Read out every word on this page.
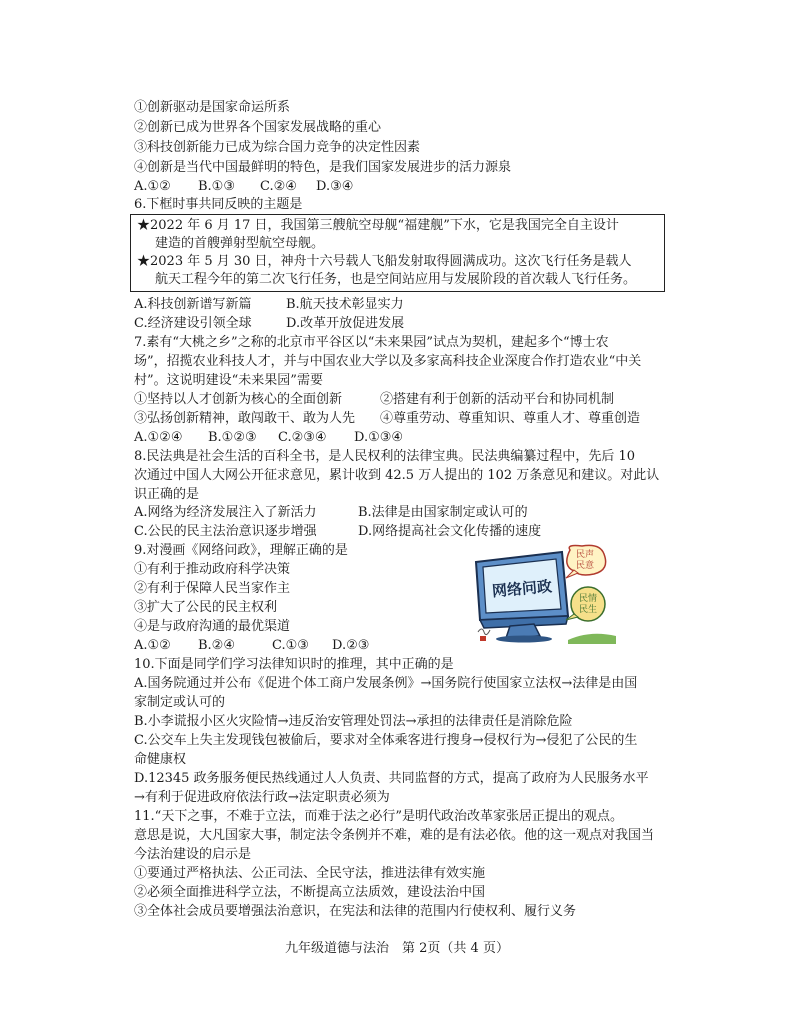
①创新驱动是国家命运所系
②创新已成为世界各个国家发展战略的重心
③科技创新能力已成为综合国力竞争的决定性因素
④创新是当代中国最鲜明的特色，是我们国家发展进步的活力源泉
A.①② B.①③ C.②④ D.③④
6.下框时事共同反映的主题是
★2022 年 6 月 17 日，我国第三艘航空母舰“福建舰”下水，它是我国完全自主设计
建造的首艘弹射型航空母舰。
★2023 年 5 月 30 日，神舟十六号载人飞船发射取得圆满成功。这次飞行任务是载人
航天工程今年的第二次飞行任务，也是空间站应用与发展阶段的首次载人飞行任务。
A.科技创新谱写新篇	B.航天技术彰显实力
C.经济建设引领全球	D.改革开放促进发展
7.素有“大桃之乡”之称的北京市平谷区以“未来果园”试点为契机，建起多个“博士农
场”，招揽农业科技人才，并与中国农业大学以及多家高科技企业深度合作打造农业“中关
村”。这说明建设“未来果园”需要
①坚持以人才创新为核心的全面创新	②搭建有利于创新的活动平台和协同机制
③弘扬创新精神，敢闯敢干、敢为人先 ④尊重劳动、尊重知识、尊重人才、尊重创造
A.①②④ B.①②③ C.②③④ D.①③④
8.民法典是社会生活的百科全书，是人民权利的法律宝典。民法典编纂过程中，先后 10
次通过中国人大网公开征求意见，累计收到 42.5 万人提出的 102 万条意见和建议。对此认
识正确的是
A.网络为经济发展注入了新活力	B.法律是由国家制定或认可的
C.公民的民主法治意识逐步增强	D.网络提高社会文化传播的速度
9.对漫画《网络问政》，理解正确的是
①有利于推动政府科学决策
②有利于保障人民当家作主
③扩大了公民的民主权利
④是与政府沟通的最优渠道
A.①② B.②④	C.①③ D.②③
网络问政
民声民意
民情民生
10.下面是同学们学习法律知识时的推理，其中正确的是
A.国务院通过并公布《促进个体工商户发展条例》→国务院行使国家立法权→法律是由国
家制定或认可的
B.小李谎报小区火灾险情→违反治安管理处罚法→承担的法律责任是消除危险
C.公交车上失主发现钱包被偷后，要求对全体乘客进行搜身→侵权行为→侵犯了公民的生
命健康权
D.12345 政务服务便民热线通过人人负责、共同监督的方式，提高了政府为人民服务水平
→有利于促进政府依法行政→法定职责必须为
11.“天下之事，不难于立法，而难于法之必行”是明代政治改革家张居正提出的观点。
意思是说，大凡国家大事，制定法令条例并不难，难的是有法必依。他的这一观点对我国当
今法治建设的启示是
①要通过严格执法、公正司法、全民守法，推进法律有效实施
②必须全面推进科学立法，不断提高立法质效，建设法治中国
③全体社会成员要增强法治意识，在宪法和法律的范围内行使权利、履行义务
九年级道德与法治　第 2页（共 4 页）
